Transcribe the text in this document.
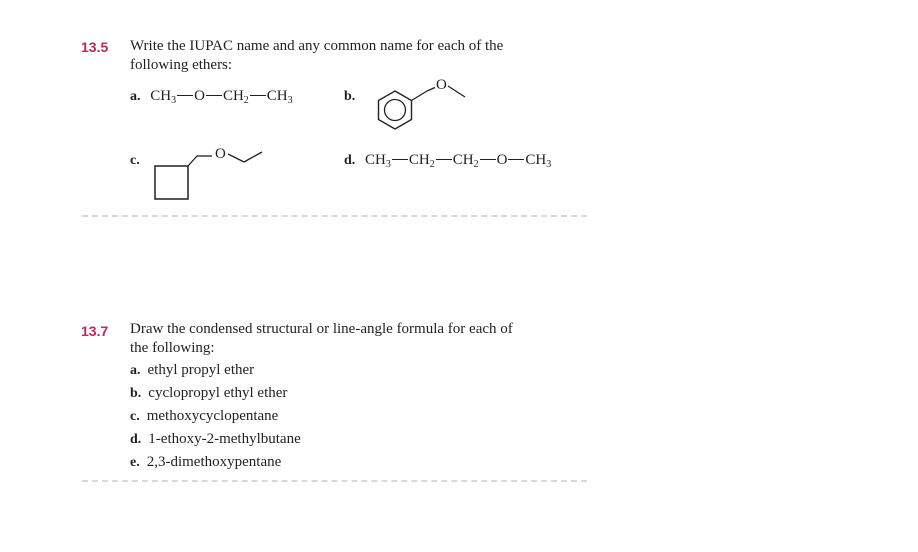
13.5 Write the IUPAC name and any common name for each of the
following ethers:
a. $CH_3$ O $CH_2$ $CH_3$	b.
O
c.	O	d. $CH_3$ $CH_2$ $CH_2$ O $CH_3$
13.7 Draw the condensed structural or line-angle formula for each of
the following:
a. ethyl propyl ether
b. cyclopropyl ethyl ether
c. methoxycyclopentane
d. 1-ethoxy-2-methylbutane
e. 2,3-dimethoxypentane
